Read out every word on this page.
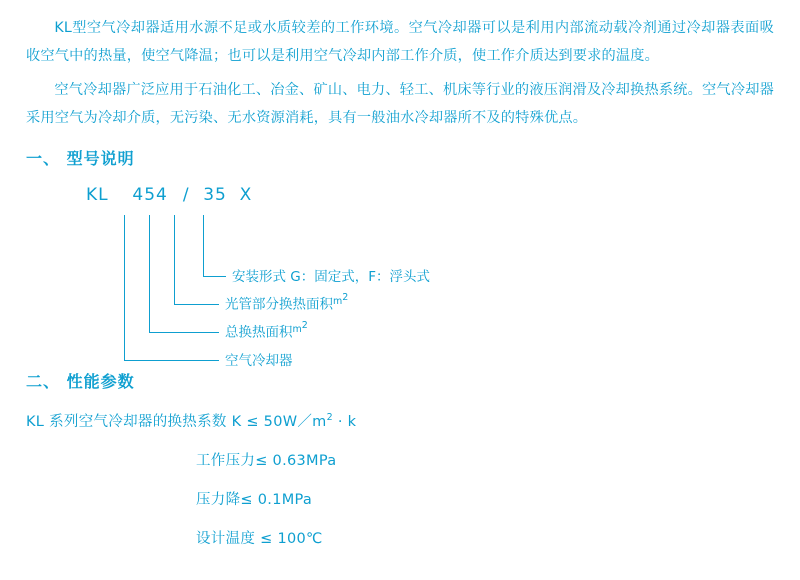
KL型空气冷却器适用水源不足或水质较差的工作环境。空气冷却器可以是利用内部流动载冷剂通过冷却器表面吸收空气中的热量，使空气降温；也可以是利用空气冷却内部工作介质，使工作介质达到要求的温度。

空气冷却器广泛应用于石油化工、冶金、矿山、电力、轻工、机床等行业的液压润滑及冷却换热系统。空气冷却器采用空气为冷却介质，无污染、无水资源消耗，具有一般油水冷却器所不及的特殊优点。

一、 型号说明
KL 454 / 35 X
安装形式 G：固定式，F：浮头式
光管部分换热面积$^{m2}$
总换热面积$^{m2}$
空气冷却器
二、 性能参数

KL 系列空气冷却器的换热系数 $K \le 50W/m^2 \cdot k$

工作压力≤ 0.63MPa

压力降≤ 0.1MPa

设计温度 ≤ 100℃
